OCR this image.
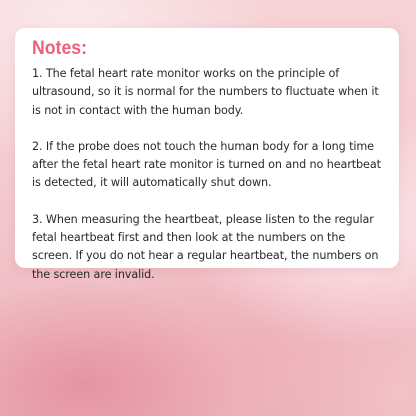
Notes:

1. The fetal heart rate monitor works on the principle of ultrasound, so it is normal for the numbers to fluctuate when it is not in contact with the human body.

2. If the probe does not touch the human body for a long time after the fetal heart rate monitor is turned on and no heartbeat is detected, it will automatically shut down.

3. When measuring the heartbeat, please listen to the regular fetal heartbeat first and then look at the numbers on the screen. If you do not hear a regular heartbeat, the numbers on the screen are invalid.
